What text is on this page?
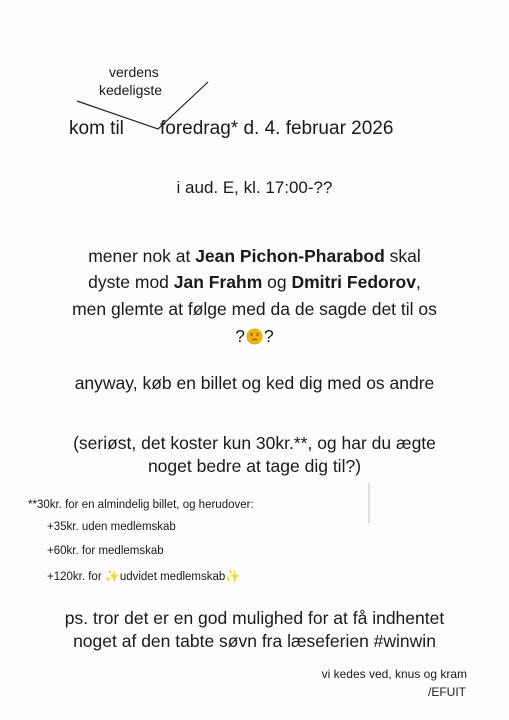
verdens
kedeligste
kom til foredrag* d. 4. februar 2026
i aud. E, kl. 17:00-??
mener nok at Jean Pichon-Pharabod skal
dyste mod Jan Frahm og Dmitri Fedorov,
men glemte at følge med da de sagde det til os
? ?
anyway, køb en billet og ked dig med os andre
(seriøst, det koster kun 30kr.**, og har du ægte
noget bedre at tage dig til?)
**30kr. for en almindelig billet, og herudover:
+35kr. uden medlemskab
+60kr. for medlemskab
+120kr. for ✨udvidet medlemskab✨
ps. tror det er en god mulighed for at få indhentet
noget af den tabte søvn fra læseferien #winwin
vi kedes ved, knus og kram
/EFUIT
